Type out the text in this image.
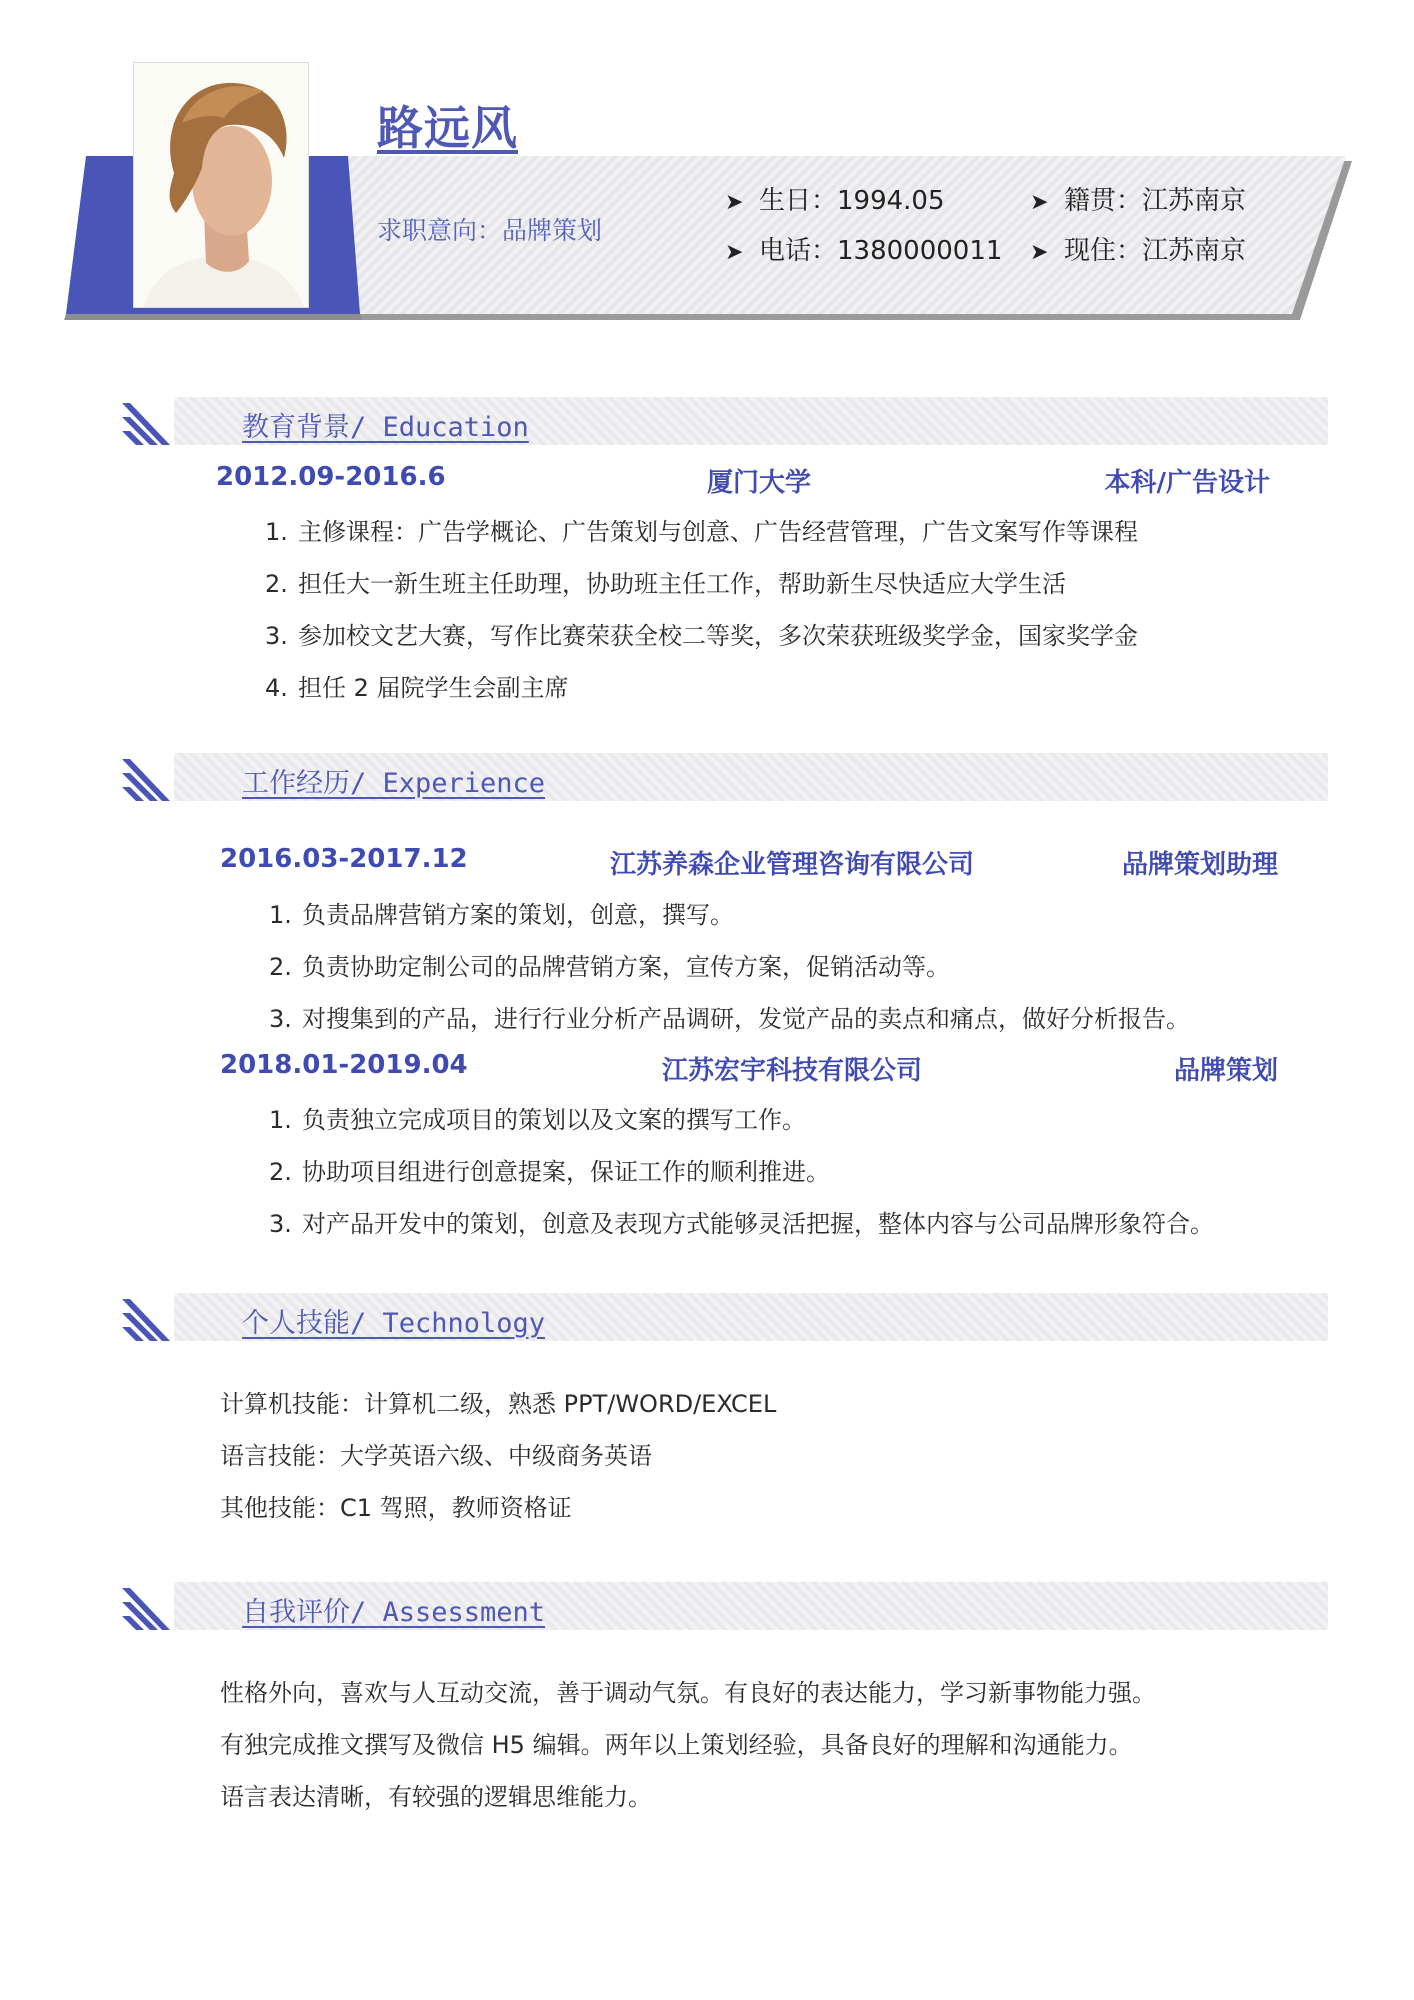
路远风
求职意向：品牌策划
➤ 生日：1994.05	➤ 籍贯：江苏南京
➤ 电话：1380000011 ➤ 现住：江苏南京
教育背景/ Education
2012.09-2016.6	厦门大学	本科/广告设计
1. 主修课程：广告学概论、广告策划与创意、广告经营管理，广告文案写作等课程
2. 担任大一新生班主任助理，协助班主任工作，帮助新生尽快适应大学生活
3. 参加校文艺大赛，写作比赛荣获全校二等奖，多次荣获班级奖学金，国家奖学金
4. 担任 2 届院学生会副主席
工作经历/ Experience
2016.03-2017.12	江苏养森企业管理咨询有限公司	品牌策划助理
1. 负责品牌营销方案的策划，创意，撰写。
2. 负责协助定制公司的品牌营销方案，宣传方案，促销活动等。
3. 对搜集到的产品，进行行业分析产品调研，发觉产品的卖点和痛点，做好分析报告。
2018.01-2019.04	江苏宏宇科技有限公司	品牌策划
1. 负责独立完成项目的策划以及文案的撰写工作。
2. 协助项目组进行创意提案，保证工作的顺利推进。
3. 对产品开发中的策划，创意及表现方式能够灵活把握，整体内容与公司品牌形象符合。
个人技能/ Technology
计算机技能：计算机二级，熟悉 PPT/WORD/EXCEL
语言技能：大学英语六级、中级商务英语
其他技能：C1 驾照，教师资格证
自我评价/ Assessment
性格外向，喜欢与人互动交流，善于调动气氛。有良好的表达能力，学习新事物能力强。
有独完成推文撰写及微信 H5 编辑。两年以上策划经验，具备良好的理解和沟通能力。
语言表达清晰，有较强的逻辑思维能力。
